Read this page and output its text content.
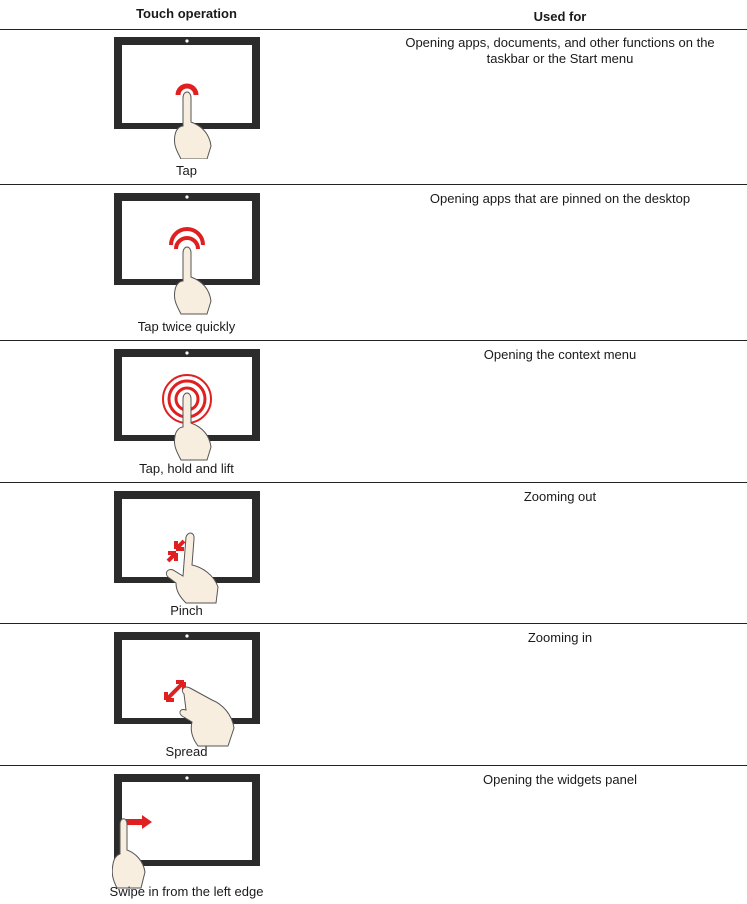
Touch operation	Used for
Tap
Opening apps, documents, and other functions on the taskbar or the Start menu
Tap twice quickly
Opening apps that are pinned on the desktop
Tap, hold and lift
Opening the context menu
Pinch
Zooming out
Spread
Zooming in
Swipe in from the left edge
Opening the widgets panel
